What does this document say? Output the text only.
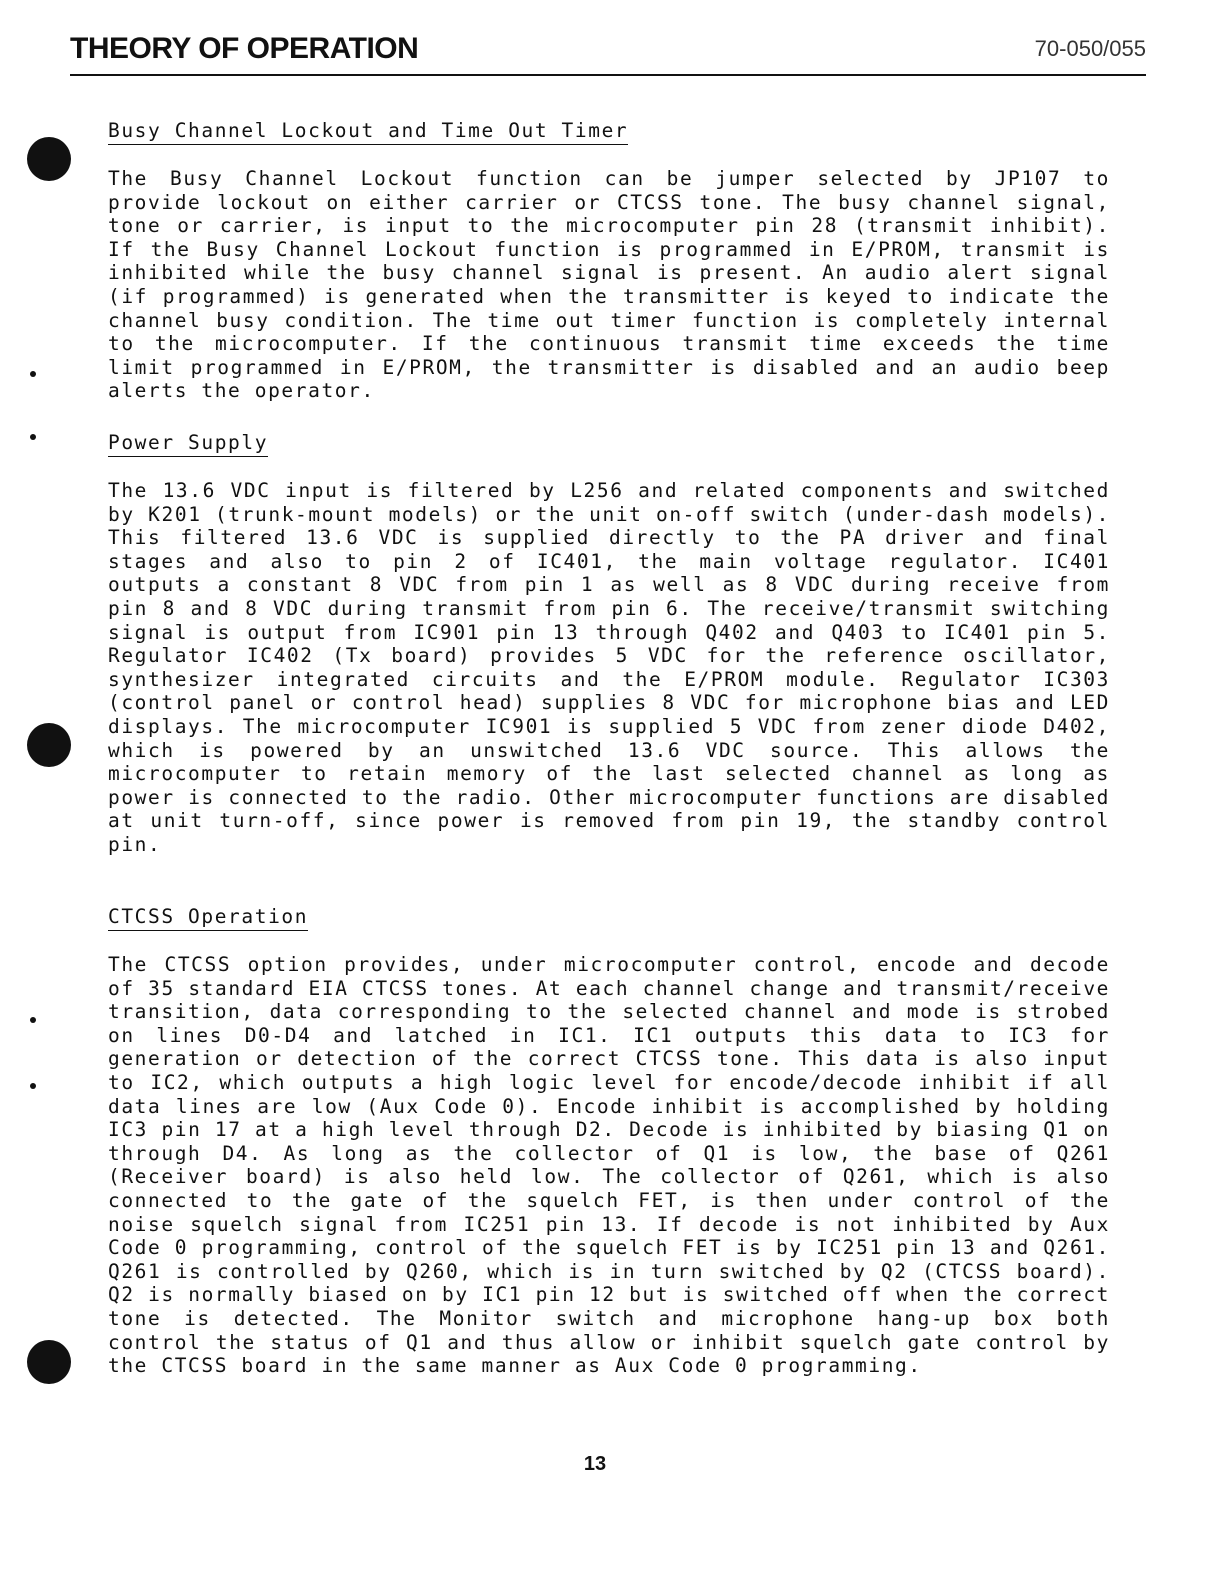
THEORY OF OPERATION	70-050/055
Busy Channel Lockout and Time Out Timer
The Busy Channel Lockout function can be jumper selected by JP107 to provide lockout on either carrier or CTCSS tone. The busy channel signal, tone or carrier, is input to the microcomputer pin 28 (transmit inhibit). If the Busy Channel Lockout function is programmed in E/PROM, transmit is inhibited while the busy channel signal is present. An audio alert signal (if programmed) is generated when the transmitter is keyed to indicate the channel busy condition. The time out timer function is completely internal to the microcomputer. If the continuous transmit time exceeds the time limit programmed in E/PROM, the transmitter is disabled and an audio beep alerts the operator.
Power Supply
The 13.6 VDC input is filtered by L256 and related components and switched by K201 (trunk-mount models) or the unit on-off switch (under-dash models). This filtered 13.6 VDC is supplied directly to the PA driver and final stages and also to pin 2 of IC401, the main voltage regulator. IC401 outputs a constant 8 VDC from pin 1 as well as 8 VDC during receive from pin 8 and 8 VDC during transmit from pin 6. The receive/transmit switching signal is output from IC901 pin 13 through Q402 and Q403 to IC401 pin 5. Regulator IC402 (Tx board) provides 5 VDC for the reference oscillator, synthesizer integrated circuits and the E/PROM module. Regulator IC303 (control panel or control head) supplies 8 VDC for microphone bias and LED displays. The microcomputer IC901 is supplied 5 VDC from zener diode D402, which is powered by an unswitched 13.6 VDC source. This allows the microcomputer to retain memory of the last selected channel as long as power is connected to the radio. Other microcomputer functions are disabled at unit turn-off, since power is removed from pin 19, the standby control pin.
CTCSS Operation
The CTCSS option provides, under microcomputer control, encode and decode of 35 standard EIA CTCSS tones. At each channel change and transmit/receive transition, data corresponding to the selected channel and mode is strobed on lines D0-D4 and latched in IC1. IC1 outputs this data to IC3 for generation or detection of the correct CTCSS tone. This data is also input to IC2, which outputs a high logic level for encode/decode inhibit if all data lines are low (Aux Code 0). Encode inhibit is accomplished by holding IC3 pin 17 at a high level through D2. Decode is inhibited by biasing Q1 on through D4. As long as the collector of Q1 is low, the base of Q261 (Receiver board) is also held low. The collector of Q261, which is also connected to the gate of the squelch FET, is then under control of the noise squelch signal from IC251 pin 13. If decode is not inhibited by Aux Code 0 programming, control of the squelch FET is by IC251 pin 13 and Q261. Q261 is controlled by Q260, which is in turn switched by Q2 (CTCSS board). Q2 is normally biased on by IC1 pin 12 but is switched off when the correct tone is detected. The Monitor switch and microphone hang-up box both control the status of Q1 and thus allow or inhibit squelch gate control by the CTCSS board in the same manner as Aux Code 0 programming.
13
